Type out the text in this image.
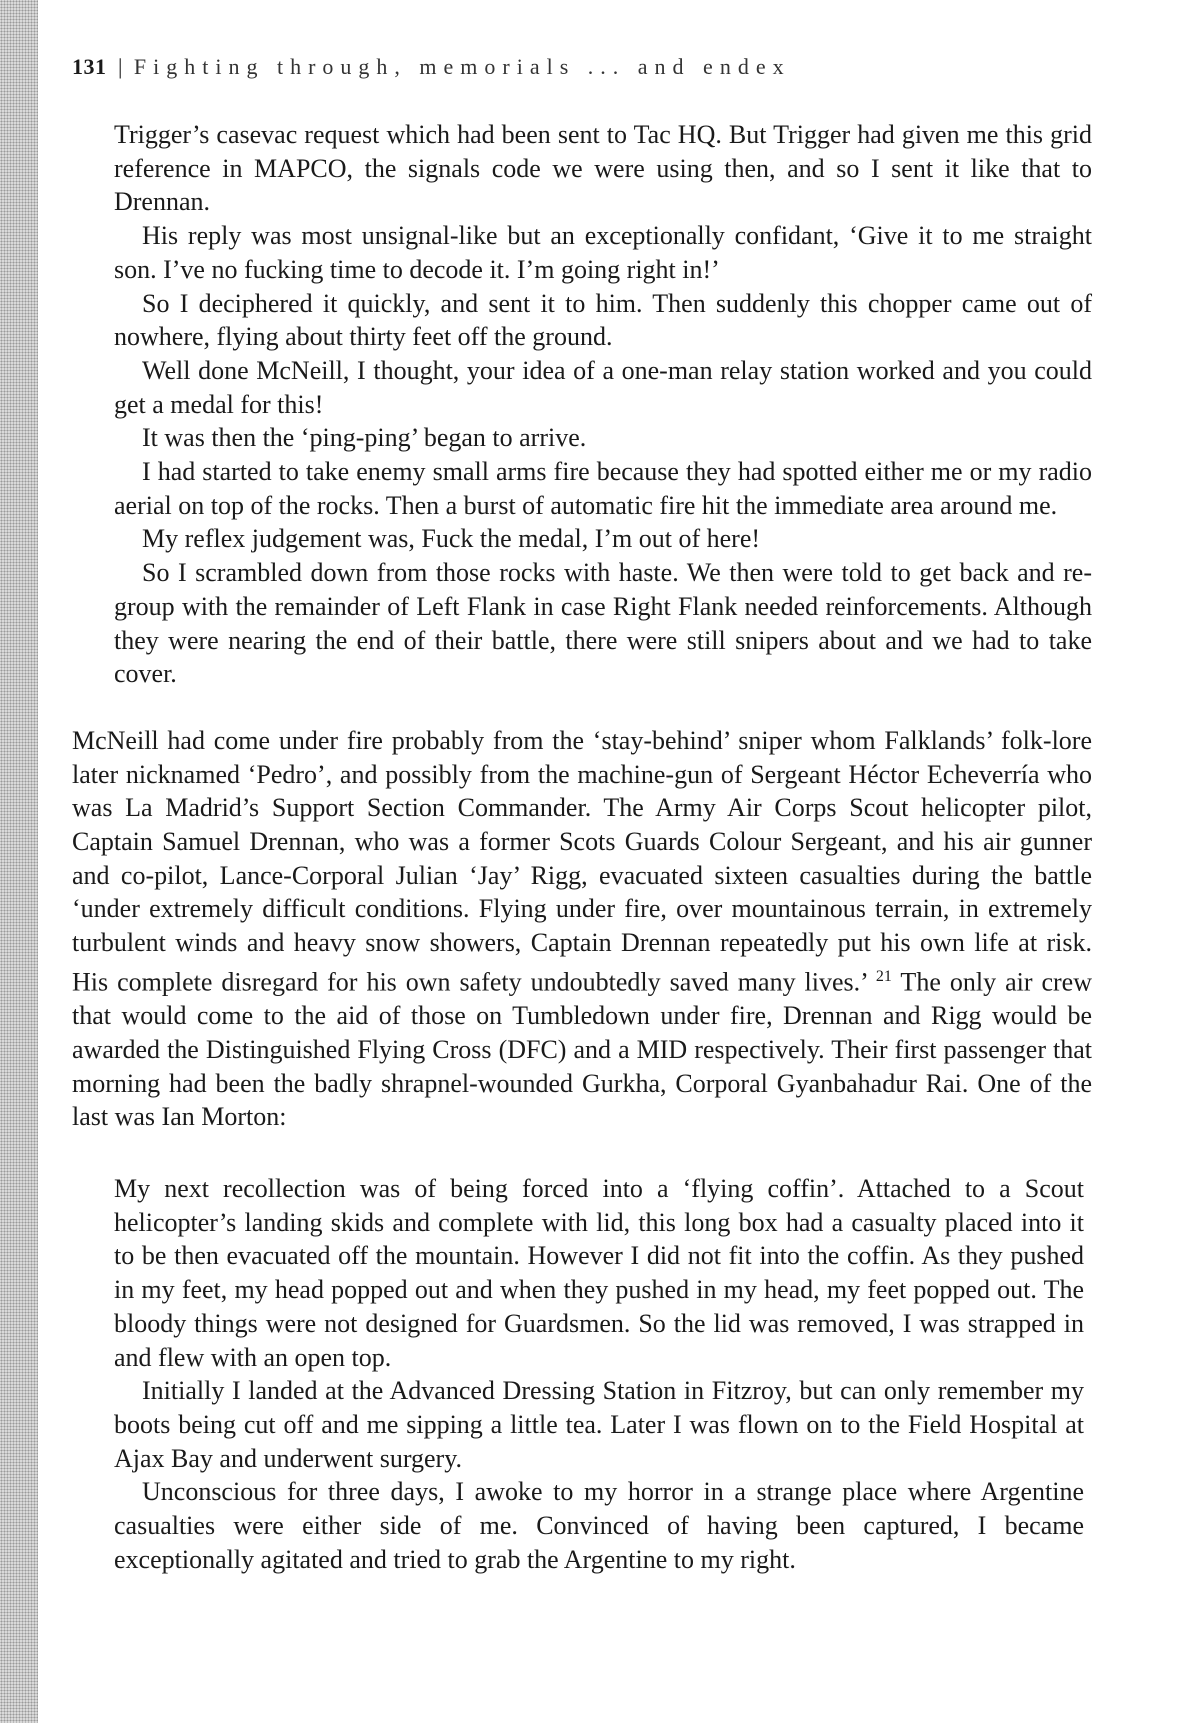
131 | Fighting through, memorials ... and endex

Trigger’s casevac request which had been sent to Tac HQ. But Trigger had given me this grid reference in MAPCO, the signals code we were using then, and so I sent it like that to Drennan.

His reply was most unsignal-like but an exceptionally confidant, ‘Give it to me straight son. I’ve no fucking time to decode it. I’m going right in!’

So I deciphered it quickly, and sent it to him. Then suddenly this chopper came out of nowhere, flying about thirty feet off the ground.

Well done McNeill, I thought, your idea of a one-man relay station worked and you could get a medal for this!

It was then the ‘ping-ping’ began to arrive.

I had started to take enemy small arms fire because they had spotted either me or my radio aerial on top of the rocks. Then a burst of automatic fire hit the immediate area around me.

My reflex judgement was, Fuck the medal, I’m out of here!

So I scrambled down from those rocks with haste. We then were told to get back and re-group with the remainder of Left Flank in case Right Flank needed reinforcements. Although they were nearing the end of their battle, there were still snipers about and we had to take cover.

McNeill had come under fire probably from the ‘stay-behind’ sniper whom Falklands’ folk-lore later nicknamed ‘Pedro’, and possibly from the machine-gun of Sergeant Héctor Echeverría who was La Madrid’s Support Section Commander. The Army Air Corps Scout helicopter pilot, Captain Samuel Drennan, who was a former Scots Guards Colour Sergeant, and his air gunner and co-pilot, Lance-Corporal Julian ‘Jay’ Rigg, evacuated sixteen casualties during the battle ‘under extremely difficult conditions. Flying under fire, over mountainous terrain, in extremely turbulent winds and heavy snow showers, Captain Drennan repeatedly put his own life at risk. His complete disregard for his own safety undoubtedly saved many lives.’ $^{21}$ The only air crew that would come to the aid of those on Tumbledown under fire, Drennan and Rigg would be awarded the Distinguished Flying Cross (DFC) and a MID respectively. Their first passenger that morning had been the badly shrapnel-wounded Gurkha, Corporal Gyanbahadur Rai. One of the last was Ian Morton:

My next recollection was of being forced into a ‘flying coffin’. Attached to a Scout helicopter’s landing skids and complete with lid, this long box had a casualty placed into it to be then evacuated off the mountain. However I did not fit into the coffin. As they pushed in my feet, my head popped out and when they pushed in my head, my feet popped out. The bloody things were not designed for Guardsmen. So the lid was removed, I was strapped in and flew with an open top.

Initially I landed at the Advanced Dressing Station in Fitzroy, but can only remember my boots being cut off and me sipping a little tea. Later I was flown on to the Field Hospital at Ajax Bay and underwent surgery.

Unconscious for three days, I awoke to my horror in a strange place where Argentine casualties were either side of me. Convinced of having been captured, I became exceptionally agitated and tried to grab the Argentine to my right.
